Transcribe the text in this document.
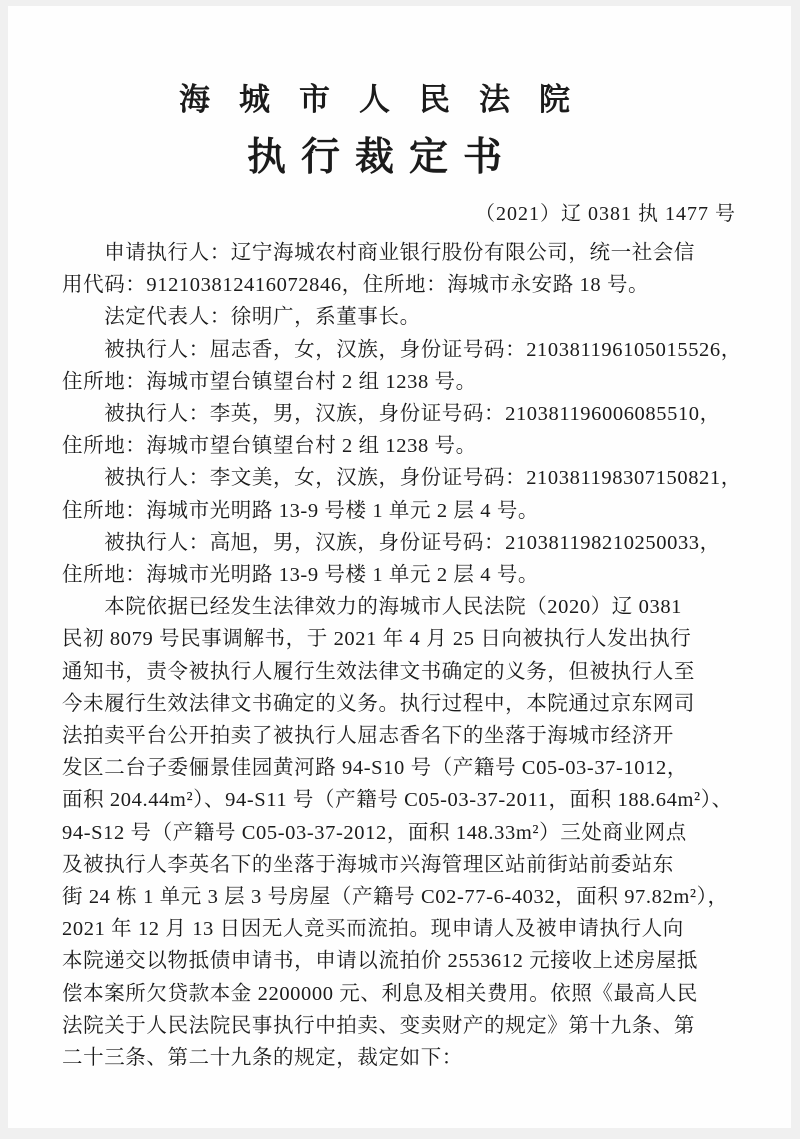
海城市人民法院
执行裁定书
（2021）辽 0381 执 1477 号
　　申请执行人：辽宁海城农村商业银行股份有限公司，统一社会信
用代码：912103812416072846，住所地：海城市永安路 18 号。
　　法定代表人：徐明广，系董事长。
　　被执行人：屈志香，女，汉族，身份证号码：210381196105015526，
住所地：海城市望台镇望台村 2 组 1238 号。
　　被执行人：李英，男，汉族，身份证号码：210381196006085510，
住所地：海城市望台镇望台村 2 组 1238 号。
　　被执行人：李文美，女，汉族，身份证号码：210381198307150821，
住所地：海城市光明路 13-9 号楼 1 单元 2 层 4 号。
　　被执行人：高旭，男，汉族，身份证号码：210381198210250033，
住所地：海城市光明路 13-9 号楼 1 单元 2 层 4 号。
　　本院依据已经发生法律效力的海城市人民法院（2020）辽 0381
民初 8079 号民事调解书，于 2021 年 4 月 25 日向被执行人发出执行
通知书，责令被执行人履行生效法律文书确定的义务，但被执行人至
今未履行生效法律文书确定的义务。执行过程中，本院通过京东网司
法拍卖平台公开拍卖了被执行人屈志香名下的坐落于海城市经济开
发区二台子委俪景佳园黄河路 94-S10 号（产籍号 C05-03-37-1012，
面积 204.44m²）、94-S11 号（产籍号 C05-03-37-2011，面积 188.64m²）、
94-S12 号（产籍号 C05-03-37-2012，面积 148.33m²）三处商业网点
及被执行人李英名下的坐落于海城市兴海管理区站前街站前委站东
街 24 栋 1 单元 3 层 3 号房屋（产籍号 C02-77-6-4032，面积 97.82m²），
2021 年 12 月 13 日因无人竞买而流拍。现申请人及被申请执行人向
本院递交以物抵债申请书，申请以流拍价 2553612 元接收上述房屋抵
偿本案所欠贷款本金 2200000 元、利息及相关费用。依照《最高人民
法院关于人民法院民事执行中拍卖、变卖财产的规定》第十九条、第
二十三条、第二十九条的规定，裁定如下：
